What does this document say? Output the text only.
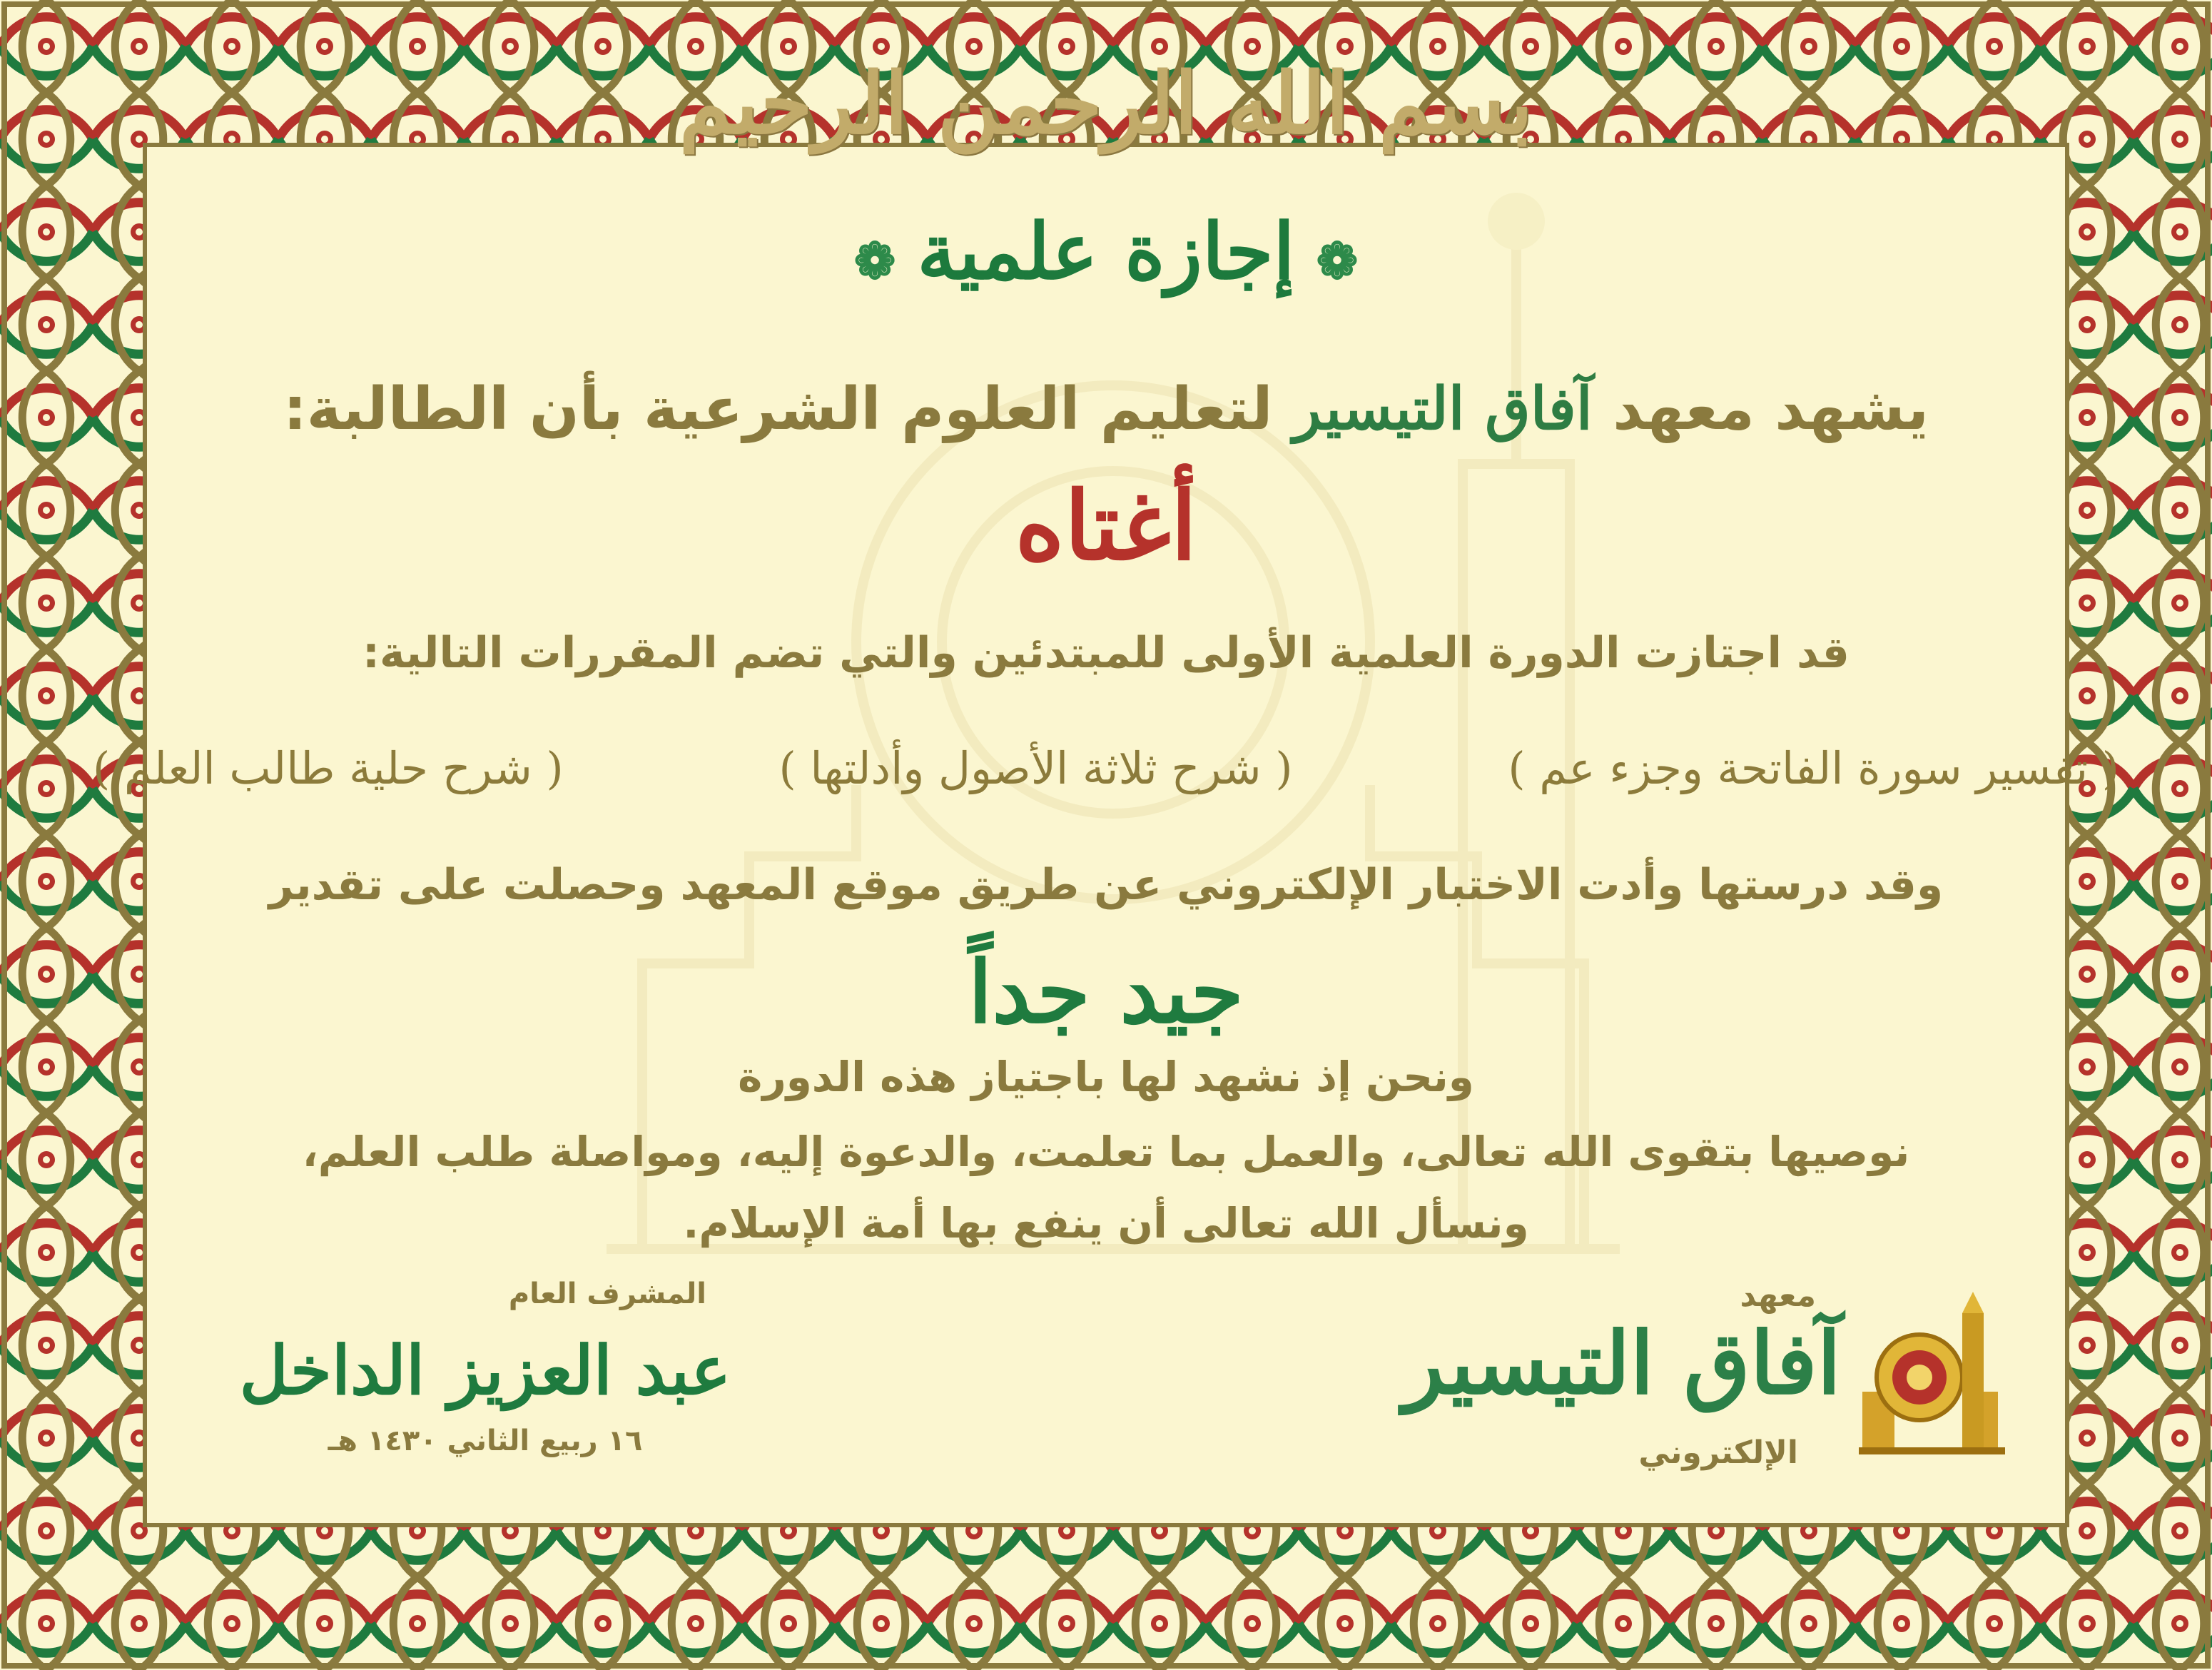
بسم الله الرحمن الرحيم
❁إجازة علمية❁
يشهد معهد آفاق التيسير لتعليم العلوم الشرعية بأن الطالبة:
أغتاه
قد اجتازت الدورة العلمية الأولى للمبتدئين والتي تضم المقررات التالية:
( تفسير سورة الفاتحة وجزء عم )
( شرح ثلاثة الأصول وأدلتها )
( شرح حلية طالب العلم )
وقد درستها وأدت الاختبار الإلكتروني عن طريق موقع المعهد وحصلت على تقدير
جيد جداً
ونحن إذ نشهد لها باجتياز هذه الدورة
نوصيها بتقوى الله تعالى، والعمل بما تعلمت، والدعوة إليه، ومواصلة طلب العلم،
ونسأل الله تعالى أن ينفع بها أمة الإسلام.
المشرف العام
عبد العزيز الداخل
١٦ ربيع الثاني ١٤٣٠ هـ
معهد
آفاق التيسير
الإلكتروني
